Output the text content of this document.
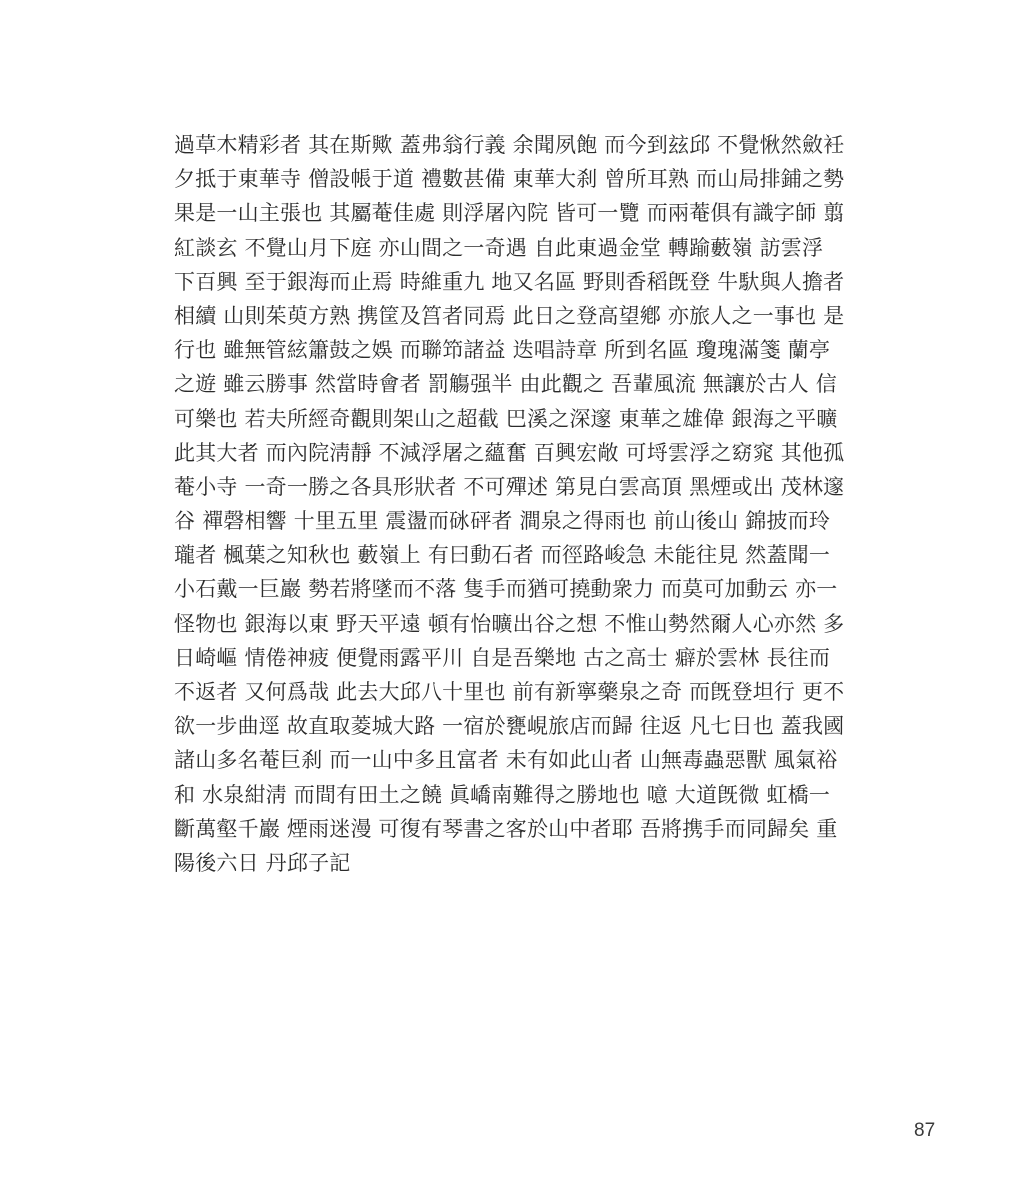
過草木精彩者 其在斯歟 蓋弗翁行義 余聞夙飽 而今到玆邱 不覺愀然斂衽
夕抵于東華寺 僧設帳于道 禮數甚備 東華大刹 曾所耳熟 而山局排鋪之勢
果是一山主張也 其屬菴佳處 則浮屠內院 皆可一覽 而兩菴俱有識字師 翦
紅談玄 不覺山月下庭 亦山間之一奇遇 自此東過金堂 轉踰藪嶺 訪雲浮
下百興 至于銀海而止焉 時維重九 地又名區 野則香稻旣登 牛馱與人擔者
相續 山則茱萸方熟 携筐及筥者同焉 此日之登高望鄕 亦旅人之一事也 是
行也 雖無管絃簫鼓之娛 而聯笻諸益 迭唱詩章 所到名區 瓊瑰滿箋 蘭亭
之遊 雖云勝事 然當時會者 罰觴强半 由此觀之 吾輩風流 無讓於古人 信
可樂也 若夫所經奇觀則架山之超截 巴溪之深邃 東華之雄偉 銀海之平曠
此其大者 而內院淸靜 不減浮屠之蘊奮 百興宏敞 可埒雲浮之窈窕 其他孤
菴小寺 一奇一勝之各具形狀者 不可殫述 第見白雲高頂 黑煙或出 茂林邃
谷 禪磬相響 十里五里 震盪而砯砰者 澗泉之得雨也 前山後山 錦披而玲
瓏者 楓葉之知秋也 藪嶺上 有曰動石者 而徑路峻急 未能往見 然蓋聞一
小石戴一巨巖 勢若將墜而不落 隻手而猶可撓動衆力 而莫可加動云 亦一
怪物也 銀海以東 野天平遠 頓有怡曠出谷之想 不惟山勢然爾人心亦然 多
日崎嶇 情倦神疲 便覺雨露平川 自是吾樂地 古之高士 癖於雲林 長往而
不返者 又何爲哉 此去大邱八十里也 前有新寧藥泉之奇 而旣登坦行 更不
欲一步曲逕 故直取菱城大路 一宿於甕峴旅店而歸 往返 凡七日也 蓋我國
諸山多名菴巨刹 而一山中多且富者 未有如此山者 山無毒蟲惡獸 風氣裕
和 水泉紺淸 而間有田土之饒 眞嶠南難得之勝地也 噫 大道旣微 虹橋一
斷萬壑千巖 煙雨迷漫 可復有琴書之客於山中者耶 吾將携手而同歸矣 重
陽後六日 丹邱子記
87
